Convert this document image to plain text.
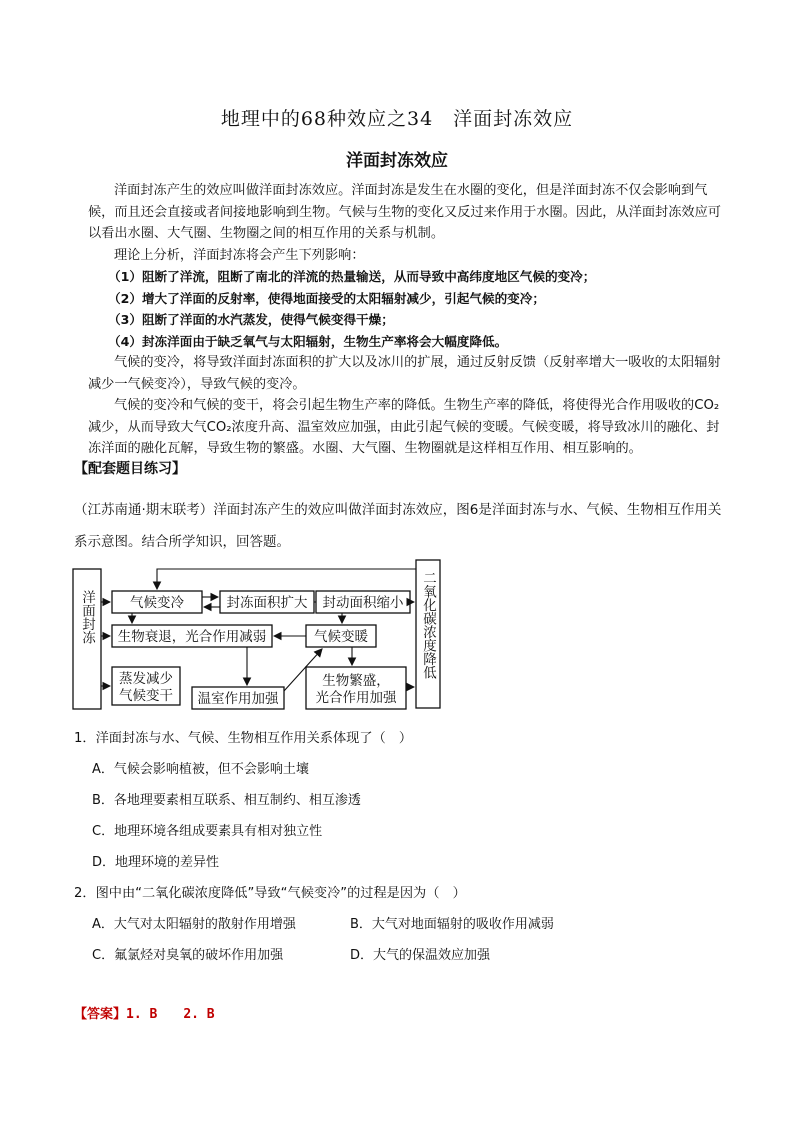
地理中的68种效应之34　洋面封冻效应
洋面封冻效应

洋面封冻产生的效应叫做洋面封冻效应。洋面封冻是发生在水圈的变化，但是洋面封冻不仅会影响到气候，而且还会直接或者间接地影响到生物。气候与生物的变化又反过来作用于水圈。因此，从洋面封冻效应可以看出水圈、大气圈、生物圈之间的相互作用的关系与机制。

理论上分析，洋面封冻将会产生下列影响：

（1）阻断了洋流，阻断了南北的洋流的热量输送，从而导致中高纬度地区气候的变冷；

（2）增大了洋面的反射率，使得地面接受的太阳辐射减少，引起气候的变冷；

（3）阻断了洋面的水汽蒸发，使得气候变得干燥；

（4）封冻洋面由于缺乏氧气与太阳辐射，生物生产率将会大幅度降低。

气候的变冷，将导致洋面封冻面积的扩大以及冰川的扩展，通过反射反馈（反射率增大一吸收的太阳辐射减少一气候变冷），导致气候的变冷。

气候的变冷和气候的变干，将会引起生物生产率的降低。生物生产率的降低，将使得光合作用吸收的CO₂减少，从而导致大气CO₂浓度升高、温室效应加强，由此引起气候的变暖。气候变暖，将导致冰川的融化、封冻洋面的融化瓦解，导致生物的繁盛。水圈、大气圈、生物圈就是这样相互作用、相互影响的。

【配套题目练习】
（江苏南通·期末联考）洋面封冻产生的效应叫做洋面封冻效应，图6是洋面封冻与水、气候、生物相互作用关系示意图。结合所学知识，回答题。
洋面封冻	二氧化碳浓度降低
气候变冷	封冻面积扩大 封动面积缩小
生物衰退，光合作用减弱	气候变暖
蒸发减少
气候变干 温室作用加强
生物繁盛，
光合作用加强
1．洋面封冻与水、气候、生物相互作用关系体现了（　）
A．气候会影响植被，但不会影响土壤
B．各地理要素相互联系、相互制约、相互渗透
C．地理环境各组成要素具有相对独立性
D．地理环境的差异性
2．图中由“二氧化碳浓度降低”导致“气候变冷”的过程是因为（　）
A．大气对太阳辐射的散射作用增强	B．大气对地面辐射的吸收作用减弱
C．氟氯烃对臭氧的破坏作用加强	D．大气的保温效应加强
【答案】1. B　　2. B
